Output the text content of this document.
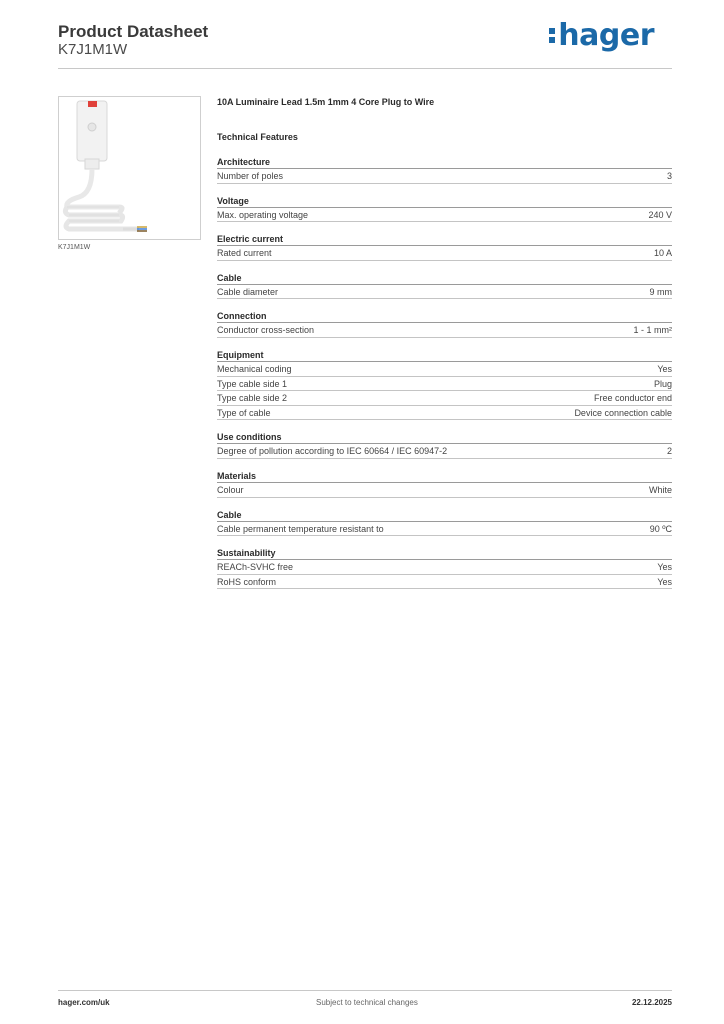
Product Datasheet
K7J1M1W	hager
K7J1M1W
10A Luminaire Lead 1.5m 1mm 4 Core Plug to Wire
Technical Features
Architecture
Number of poles	3
Voltage
Max. operating voltage	240 V
Electric current
Rated current	10 A
Cable
Cable diameter	9 mm
Connection
Conductor cross-section	1 - 1 mm²
Equipment
Mechanical coding	Yes
Type cable side 1	Plug
Type cable side 2	Free conductor end
Type of cable	Device connection cable
Use conditions
Degree of pollution according to IEC 60664 / IEC 60947-2	2
Materials
Colour	White
Cable
Cable permanent temperature resistant to	90 ºC
Sustainability
REACh-SVHC free	Yes
RoHS conform	Yes
hager.com/uk	Subject to technical changes	22.12.2025
